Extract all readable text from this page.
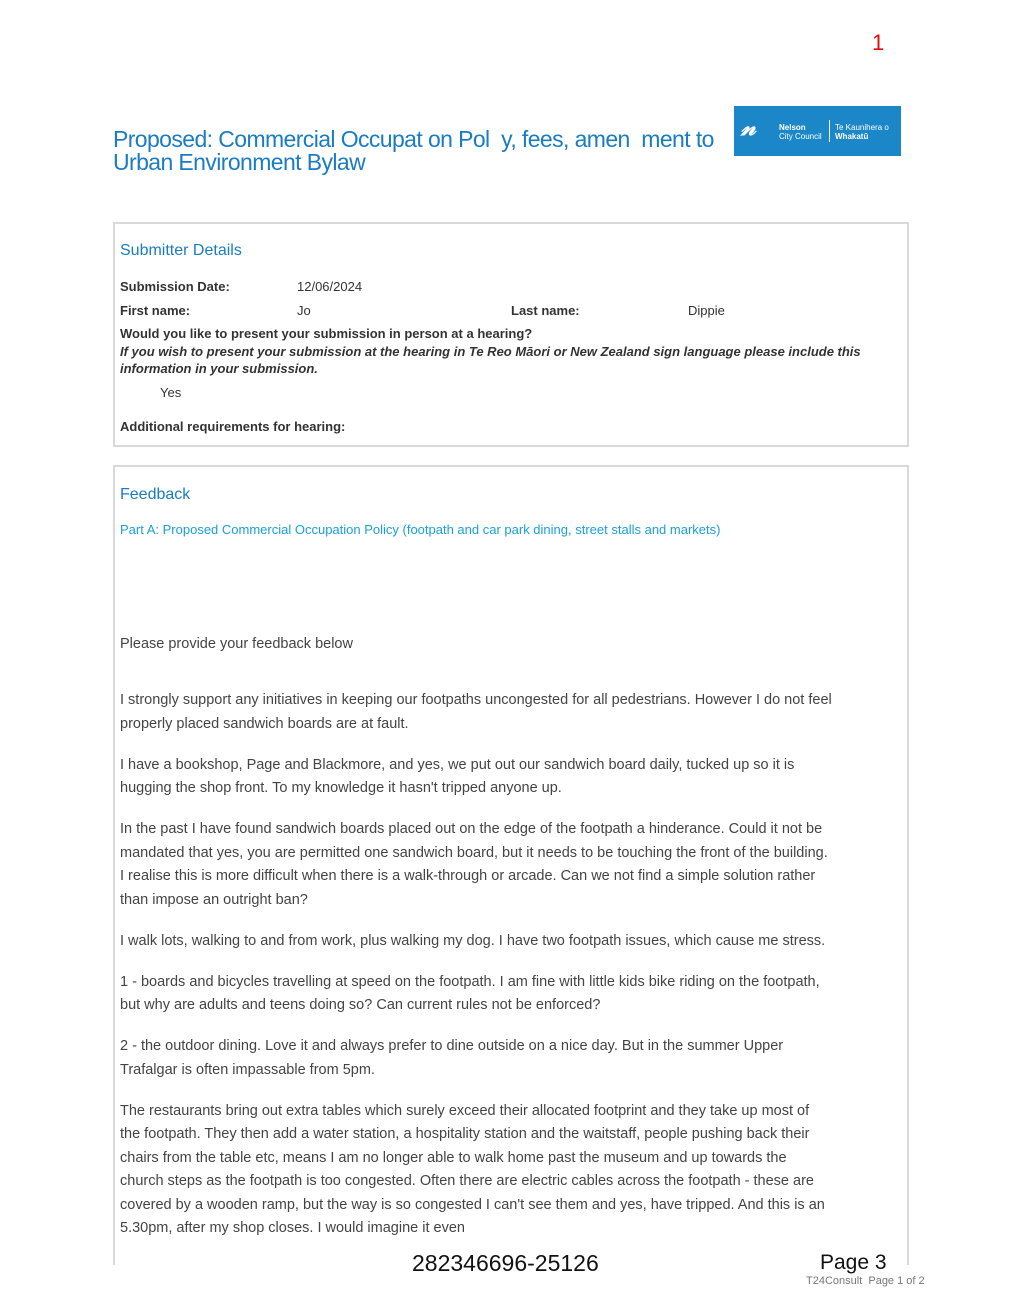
1
Proposed: Commercial Occupat on Pol  y, fees, amen  ment to
Urban Environment Bylaw
𝓃	Nelson
City Council
Te Kaunihera o
Whakatū
Submitter Details
Submission Date:	12/06/2024
First name:	Jo	Last name:	Dippie
Would you like to present your submission in person at a hearing?
If you wish to present your submission at the hearing in Te Reo Māori or New Zealand sign language please include this information in your submission.
Yes
Additional requirements for hearing:
Feedback
Part A: Proposed Commercial Occupation Policy (footpath and car park dining, street stalls and markets)
Please provide your feedback below

I strongly support any initiatives in keeping our footpaths uncongested for all pedestrians. However I do not feel properly placed sandwich boards are at fault.

I have a bookshop, Page and Blackmore, and yes, we put out our sandwich board daily, tucked up so it is hugging the shop front. To my knowledge it hasn't tripped anyone up.

In the past I have found sandwich boards placed out on the edge of the footpath a hinderance. Could it not be mandated that yes, you are permitted one sandwich board, but it needs to be touching the front of the building. I realise this is more difficult when there is a walk-through or arcade. Can we not find a simple solution rather than impose an outright ban?

I walk lots, walking to and from work, plus walking my dog. I have two footpath issues, which cause me stress.

1 - boards and bicycles travelling at speed on the footpath. I am fine with little kids bike riding on the footpath, but why are adults and teens doing so? Can current rules not be enforced?

2 - the outdoor dining. Love it and always prefer to dine outside on a nice day. But in the summer Upper Trafalgar is often impassable from 5pm.

The restaurants bring out extra tables which surely exceed their allocated footprint and they take up most of the footpath. They then add a water station, a hospitality station and the waitstaff, people pushing back their chairs from the table etc, means I am no longer able to walk home past the museum and up towards the church steps as the footpath is too congested. Often there are electric cables across the footpath - these are covered by a wooden ramp, but the way is so congested I can't see them and yes, have tripped. And this is an 5.30pm, after my shop closes. I would imagine it even

282346696-25126	Page 3
T24Consult  Page 1 of 2
